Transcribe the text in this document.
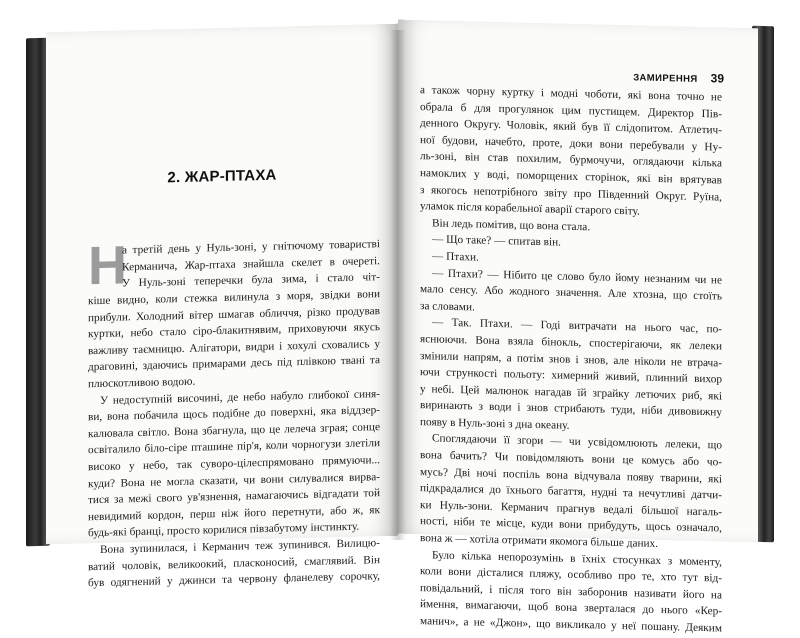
2. ЖАР-ПТАХА
Н
а третій день у Нуль-зоні, у гнітючому товаристві
Керманича, Жар-птаха знайшла скелет в очереті.
У Нуль-зоні теперечки була зима, і стало чіт-
кіше видно, коли стежка вилинула з моря, звідки вони
прибули. Холодний вітер шмагав обличчя, різко продував
куртки, небо стало сіро-блакитнявим, приховуючи якусь
важливу таємницю. Алігатори, видри і хохулі сховались у
драговині, здаючись примарами десь під плівкою твані та
плюскотливою водою.
У недоступній височині, де небо набуло глибокої синя-
ви, вона побачила щось подібне до поверхні, яка віддзер-
калювала світло. Вона збагнула, що це лелеча зграя; сонце
освіталило біло-сіре пташине пір'я, коли чорногузи злетіли
високо у небо, так суворо-цілеспрямовано прямуючи...
куди? Вона не могла сказати, чи вони силувалися вирва-
тися за межі свого ув'язнення, намагаючись відгадати той
невидимий кордон, перш ніж його перетнути, або ж, як
будь-які бранці, просто корилися півзабутому інстинкту.
Вона зупинилася, і Керманич теж зупинився. Вилицю-
ватий чоловік, великоокий, пласконосий, смаглявий. Він
був одягнений у джинси та червону фланелеву сорочку,
ЗАМИРЕННЯ 39
а також чорну куртку і модні чоботи, які вона точно не
обрала б для прогулянок цим пустищем. Директор Пів-
денного Округу. Чоловік, який був її слідопитом. Атлетич-
ної будови, начебто, проте, доки вони перебували у Ну-
ль-зоні, він став похилим, бурмочучи, оглядаючи кілька
намоклих у воді, поморщених сторінок, які він врятував
з якогось непотрібного звіту про Південний Округ. Руїна,
уламок після корабельної аварії старого світу.
Він ледь помітив, що вона стала.
— Що таке? — спитав він.
— Птахи.
— Птахи? — Нібито це слово було йому незнаним чи не
мало сенсу. Або жодного значення. Але хтозна, що стоїть
за словами.
— Так. Птахи. — Годі витрачати на нього час, по-
яснюючи. Вона взяла бінокль, спостерігаючи, як лелеки
змінили напрям, а потім знов і знов, але ніколи не втрача-
ючи стрункості польоту: химерний живий, плинний вихор
у небі. Цей малюнок нагадав їй зграйку летючих риб, які
виринають з води і знов стрибають туди, ніби дивовижну
появу в Нуль-зоні з дна океану.
Споглядаючи її згори — чи усвідомлюють лелеки, що
вона бачить? Чи повідомляють вони це комусь або чо-
мусь? Дві ночі поспіль вона відчувала появу тварини, які
підкрадалися до їхнього багаття, нудні та нечутливі датчи-
ки Нуль-зони. Керманич прагнув ведалі більшої нагаль-
ності, ніби те місце, куди вони прибудуть, щось означало,
вона ж — хотіла отримати якомога більше даних.
Було кілька непорозумінь в їхніх стосунках з моменту,
коли вони дісталися пляжу, особливо про те, хто тут від-
повідальний, і після того він заборонив називати його на
ймення, вимагаючи, щоб вона зверталася до нього «Кер-
манич», а не «Джон», що викликало у неї пошану. Деяким
